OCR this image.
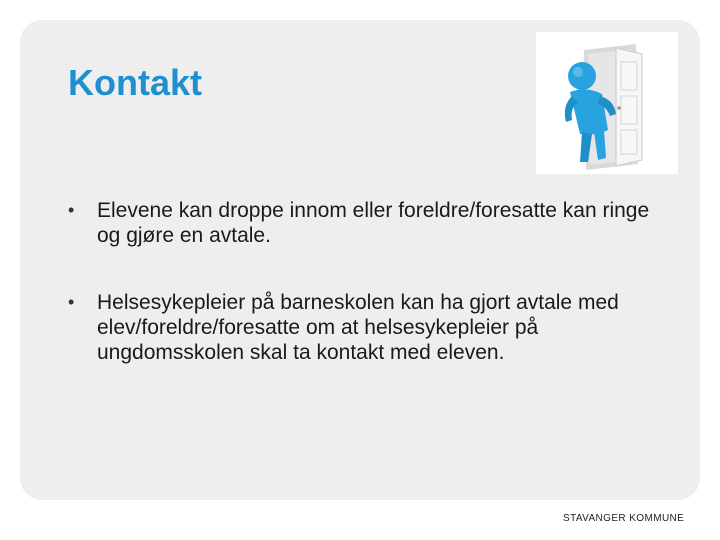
Kontakt
• Elevene kan droppe innom eller foreldre/foresatte kan ringe og gjøre en avtale.
• Helsesykepleier på barneskolen kan ha gjort avtale med elev/foreldre/foresatte om at helsesykepleier på ungdomsskolen skal ta kontakt med eleven.
STAVANGER KOMMUNE
